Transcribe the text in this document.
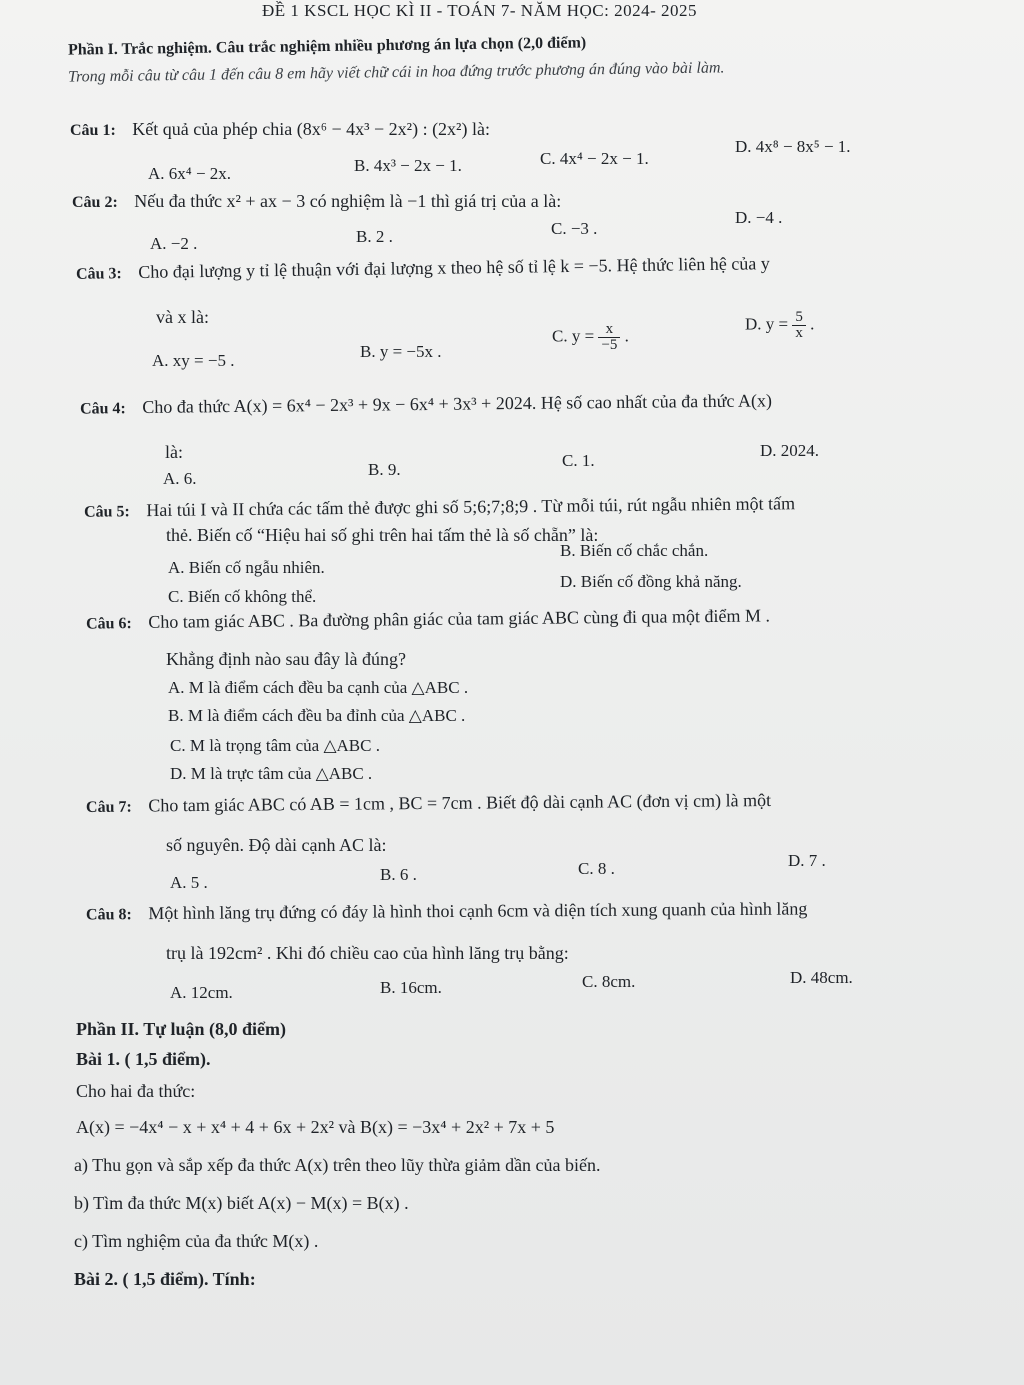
ĐỀ 1 KSCL HỌC KÌ II - TOÁN 7- NĂM HỌC: 2024- 2025
Phần I. Trắc nghiệm. Câu trắc nghiệm nhiều phương án lựa chọn (2,0 điểm)
Trong mỗi câu từ câu 1 đến câu 8 em hãy viết chữ cái in hoa đứng trước phương án đúng vào bài làm.
Câu 1: Kết quả của phép chia (8x⁶ − 4x³ − 2x²) : (2x²) là:
A. 6x⁴ − 2x.	B. 4x³ − 2x − 1.	C. 4x⁴ − 2x − 1.
D. 4x⁸ − 8x⁵ − 1.
Câu 2: Nếu đa thức x² + ax − 3 có nghiệm là −1 thì giá trị của a là:
A. −2 .	B. 2 .	C. −3 .
D. −4 .
Câu 3: Cho đại lượng y tỉ lệ thuận với đại lượng x theo hệ số tỉ lệ k = −5. Hệ thức liên hệ của y
và x là:
A. xy = −5 .	B. y = −5x .
C. $y = \frac{x}{-5}$ .
D. $y = \frac{5}{x}$ .
Câu 4: Cho đa thức A(x) = 6x⁴ − 2x³ + 9x − 6x⁴ + 3x³ + 2024. Hệ số cao nhất của đa thức A(x)
là:
A. 6.	B. 9.	C. 1.
D. 2024.
Câu 5: Hai túi I và II chứa các tấm thẻ được ghi số 5;6;7;8;9 . Từ mỗi túi, rút ngẫu nhiên một tấm
thẻ. Biến cố “Hiệu hai số ghi trên hai tấm thẻ là số chẵn” là:
A. Biến cố ngẫu nhiên.
B. Biến cố chắc chắn.
C. Biến cố không thể.
D. Biến cố đồng khả năng.
Câu 6: Cho tam giác ABC . Ba đường phân giác của tam giác ABC cùng đi qua một điểm M .
Khẳng định nào sau đây là đúng?
A. M là điểm cách đều ba cạnh của △ABC .
B. M là điểm cách đều ba đỉnh của △ABC .
C. M là trọng tâm của △ABC .
D. M là trực tâm của △ABC .
Câu 7: Cho tam giác ABC có AB = 1cm , BC = 7cm . Biết độ dài cạnh AC (đơn vị cm) là một
số nguyên. Độ dài cạnh AC là:
A. 5 .	B. 6 .	C. 8 .	D. 7 .
Câu 8: Một hình lăng trụ đứng có đáy là hình thoi cạnh 6cm và diện tích xung quanh của hình lăng
trụ là 192cm² . Khi đó chiều cao của hình lăng trụ bằng:
A. 12cm.	B. 16cm.	C. 8cm.	D. 48cm.
Phần II. Tự luận (8,0 điểm)
Bài 1. ( 1,5 điểm).
Cho hai đa thức:
A(x) = −4x⁴ − x + x⁴ + 4 + 6x + 2x² và B(x) = −3x⁴ + 2x² + 7x + 5
a) Thu gọn và sắp xếp đa thức A(x) trên theo lũy thừa giảm dần của biến.
b) Tìm đa thức M(x) biết A(x) − M(x) = B(x) .
c) Tìm nghiệm của đa thức M(x) .
Bài 2. ( 1,5 điểm). Tính:
